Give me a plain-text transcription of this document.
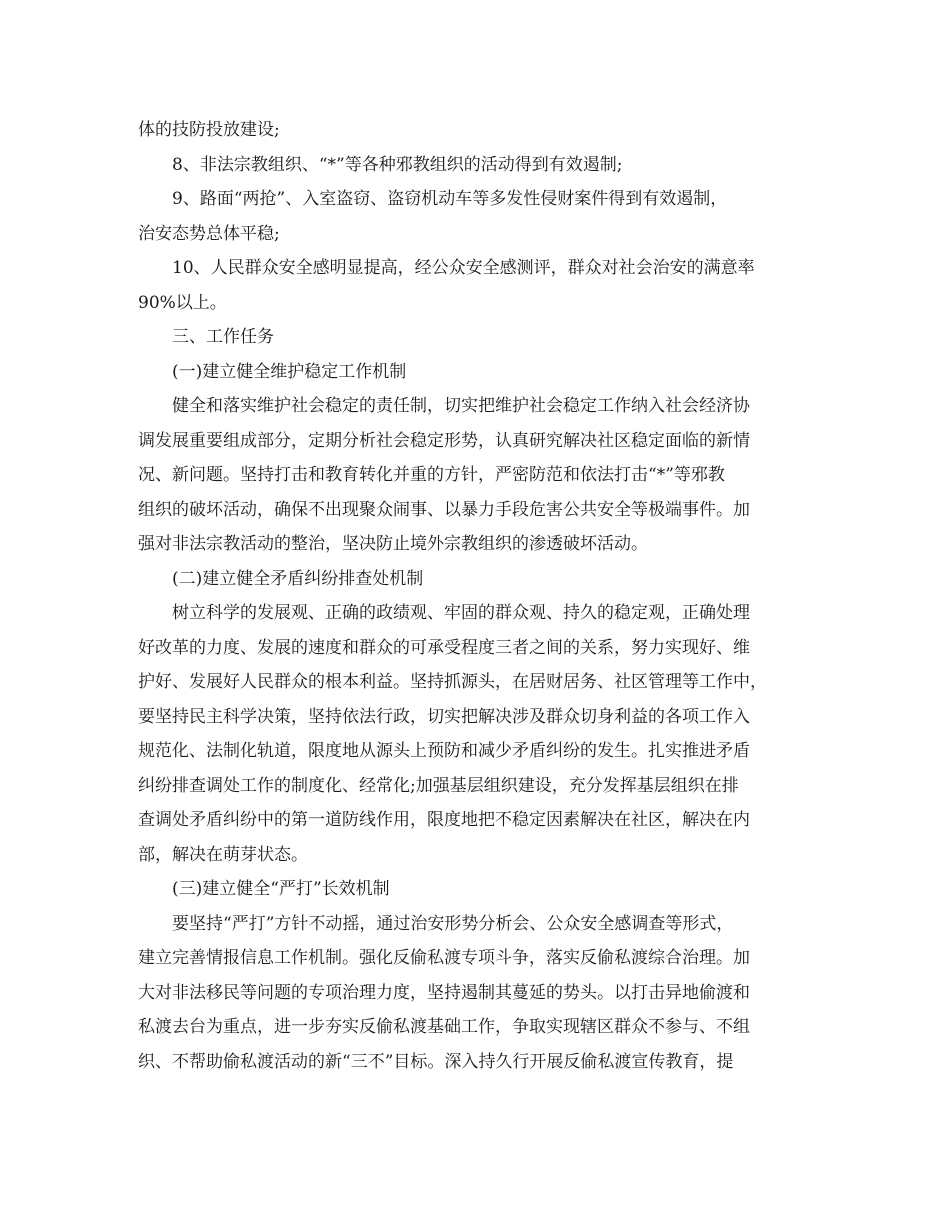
体的技防投放建设;
8、非法宗教组织、“*”等各种邪教组织的活动得到有效遏制;
9、路面“两抢”、入室盗窃、盗窃机动车等多发性侵财案件得到有效遏制，
治安态势总体平稳;
10、人民群众安全感明显提高，经公众安全感测评，群众对社会治安的满意率
90%以上。
三、工作任务
(一)建立健全维护稳定工作机制
健全和落实维护社会稳定的责任制，切实把维护社会稳定工作纳入社会经济协
调发展重要组成部分，定期分析社会稳定形势，认真研究解决社区稳定面临的新情
况、新问题。坚持打击和教育转化并重的方针，严密防范和依法打击“*”等邪教
组织的破坏活动，确保不出现聚众闹事、以暴力手段危害公共安全等极端事件。加
强对非法宗教活动的整治，坚决防止境外宗教组织的渗透破坏活动。
(二)建立健全矛盾纠纷排查处机制
树立科学的发展观、正确的政绩观、牢固的群众观、持久的稳定观，正确处理
好改革的力度、发展的速度和群众的可承受程度三者之间的关系，努力实现好、维
护好、发展好人民群众的根本利益。坚持抓源头，在居财居务、社区管理等工作中，
要坚持民主科学决策，坚持依法行政，切实把解决涉及群众切身利益的各项工作入
规范化、法制化轨道，限度地从源头上预防和减少矛盾纠纷的发生。扎实推进矛盾
纠纷排查调处工作的制度化、经常化;加强基层组织建设，充分发挥基层组织在排
查调处矛盾纠纷中的第一道防线作用，限度地把不稳定因素解决在社区，解决在内
部，解决在萌芽状态。
(三)建立健全“严打”长效机制
要坚持“严打”方针不动摇，通过治安形势分析会、公众安全感调查等形式，
建立完善情报信息工作机制。强化反偷私渡专项斗争，落实反偷私渡综合治理。加
大对非法移民等问题的专项治理力度，坚持遏制其蔓延的势头。以打击异地偷渡和
私渡去台为重点，进一步夯实反偷私渡基础工作，争取实现辖区群众不参与、不组
织、不帮助偷私渡活动的新“三不”目标。深入持久行开展反偷私渡宣传教育，提
